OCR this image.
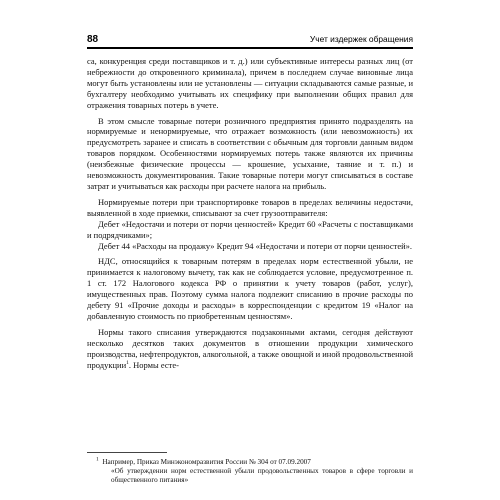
88	Учет издержек обращения

са, конкуренция среди поставщиков и т. д.) или субъективные интересы разных лиц (от небрежности до откровенного криминала), причем в последнем случае виновные лица могут быть установлены или не установлены — ситуации складываются самые разные, и бухгалтеру необходимо учитывать их специфику при выполнении общих правил для отражения товарных потерь в учете.

В этом смысле товарные потери розничного предприятия принято подразделять на нормируемые и ненормируемые, что отражает возможность (или невозможность) их предусмотреть заранее и списать в соответствии с обычным для торговли данным видом товаров порядком. Особенностями нормируемых потерь также являются их причины (неизбежные физические процессы — крошение, усыхание, таяние и т. п.) и невозможность документирования. Такие товарные потери могут списываться в составе затрат и учитываться как расходы при расчете налога на прибыль.

Нормируемые потери при транспортировке товаров в пределах величины недостачи, выявленной в ходе приемки, списывают за счет грузоотправителя:

Дебет «Недостачи и потери от порчи ценностей» Кредит 60 «Расчеты с поставщиками и подрядчиками»;

Дебет 44 «Расходы на продажу» Кредит 94 «Недостачи и потери от порчи ценностей».

НДС, относящийся к товарным потерям в пределах норм естественной убыли, не принимается к налоговому вычету, так как не соблюдается условие, предусмотренное п. 1 ст. 172 Налогового кодекса РФ о принятии к учету товаров (работ, услуг), имущественных прав. Поэтому сумма налога подлежит списанию в прочие расходы по дебету 91 «Прочие доходы и расходы» в корреспонденции с кредитом 19 «Налог на добавленную стоимость по приобретенным ценностям».

Нормы такого списания утверждаются подзаконными актами, сегодня действуют несколько десятков таких документов в отношении продукции химического производства, нефтепродуктов, алкогольной, а также овощной и иной продовольственной продукции$^1$. Нормы есте-

$^1$ Например, Приказ Минэкономразвития России № 304 от 07.09.2007

«Об утверждении норм естественной убыли продовольственных товаров в сфере торговли и общественного питания»
